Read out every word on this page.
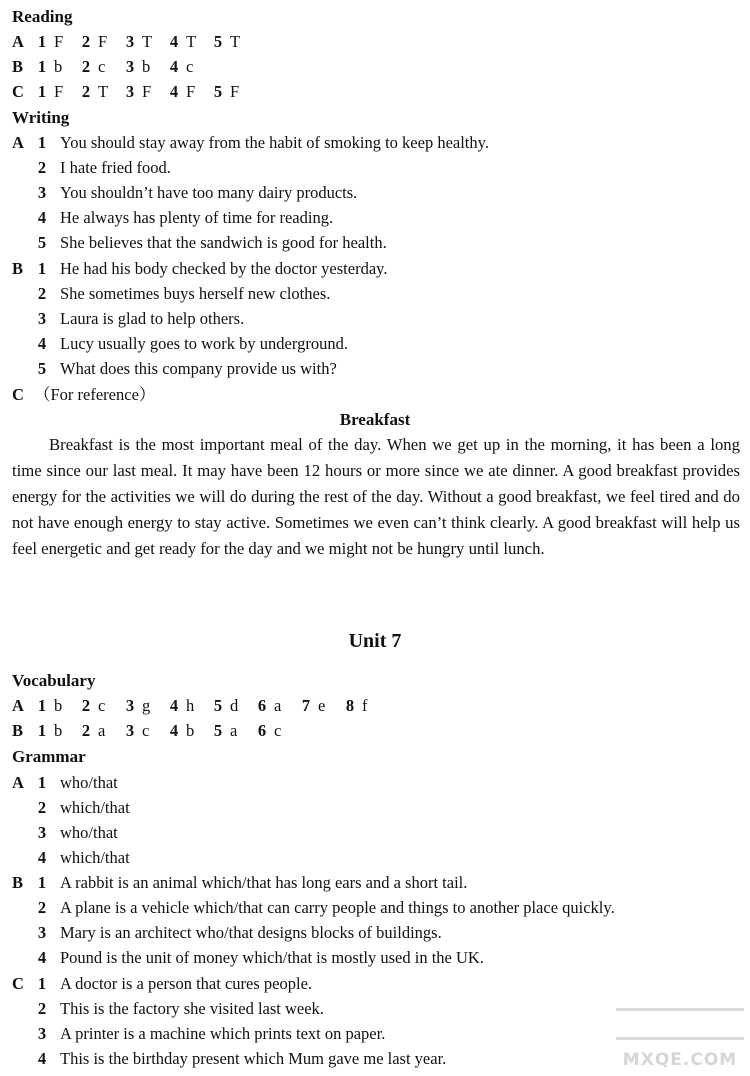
Reading
A 1 F 2 F 3 T 4 T 5 T
B 1 b 2 c 3 b 4 c
C 1 F 2 T 3 F 4 F 5 F
Writing
A 1 You should stay away from the habit of smoking to keep healthy.
2 I hate fried food.
3 You shouldn’t have too many dairy products.
4 He always has plenty of time for reading.
5 She believes that the sandwich is good for health.
B 1 He had his body checked by the doctor yesterday.
2 She sometimes buys herself new clothes.
3 Laura is glad to help others.
4 Lucy usually goes to work by underground.
5 What does this company provide us with?
C （For reference）
Breakfast

Breakfast is the most important meal of the day. When we get up in the morning, it has been a long time since our last meal. It may have been 12 hours or more since we ate dinner. A good breakfast provides energy for the activities we will do during the rest of the day. Without a good breakfast, we feel tired and do not have enough energy to stay active. Sometimes we even can’t think clearly. A good breakfast will help us feel energetic and get ready for the day and we might not be hungry until lunch.

Unit 7
Vocabulary
A 1 b 2 c 3 g 4 h 5 d 6 a 7 e 8 f
B 1 b 2 a 3 c 4 b 5 a 6 c
Grammar
A 1 who/that
2 which/that
3 who/that
4 which/that
B 1 A rabbit is an animal which/that has long ears and a short tail.
2 A plane is a vehicle which/that can carry people and things to another place quickly.
3 Mary is an architect who/that designs blocks of buildings.
4 Pound is the unit of money which/that is mostly used in the UK.
C 1 A doctor is a person that cures people.
2 This is the factory she visited last week.
3 A printer is a machine which prints text on paper.
4 This is the birthday present which Mum gave me last year.	MXQE.COM
